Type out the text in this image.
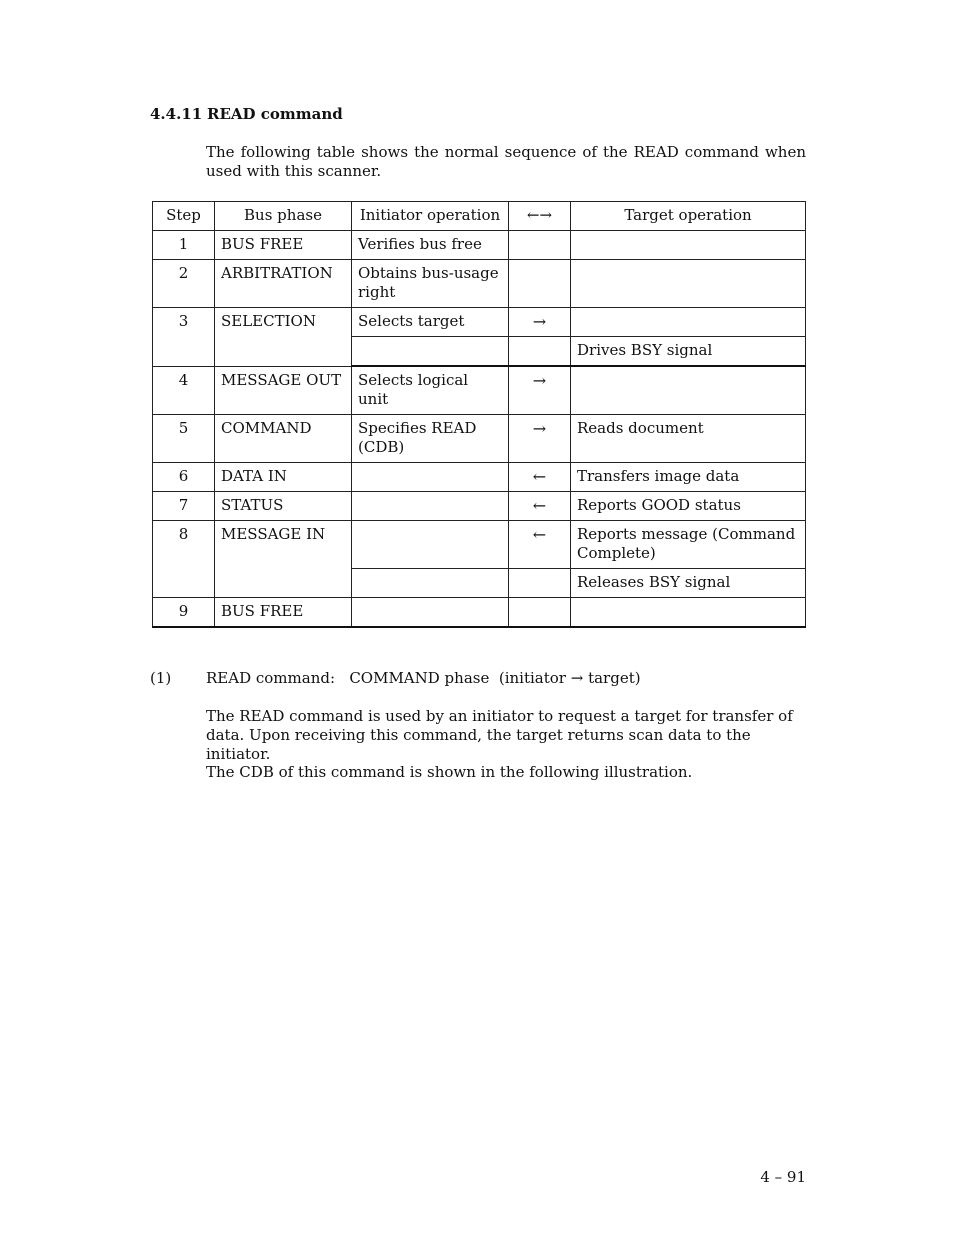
4.4.11 READ command
The following table shows the normal sequence of the READ command when used with this scanner.
Step	Bus phase	Initiator operation	←→	Target operation
1	BUS FREE	Verifies bus free		
2	ARBITRATION	Obtains bus-usage right		
3	SELECTION	Selects target	→	
				Drives BSY signal
4	MESSAGE OUT	Selects logical unit	→	
5	COMMAND	Specifies READ (CDB)	→	Reads document
6	DATA IN		←	Transfers image data
7	STATUS		←	Reports GOOD status
8	MESSAGE IN		←	Reports message (Command Complete)
				Releases BSY signal
9	BUS FREE			
(1) READ command:   COMMAND phase  (initiator → target)
The READ command is used by an initiator to request a target for transfer of data. Upon receiving this command, the target returns scan data to the initiator.
The CDB of this command is shown in the following illustration.
4 – 91
